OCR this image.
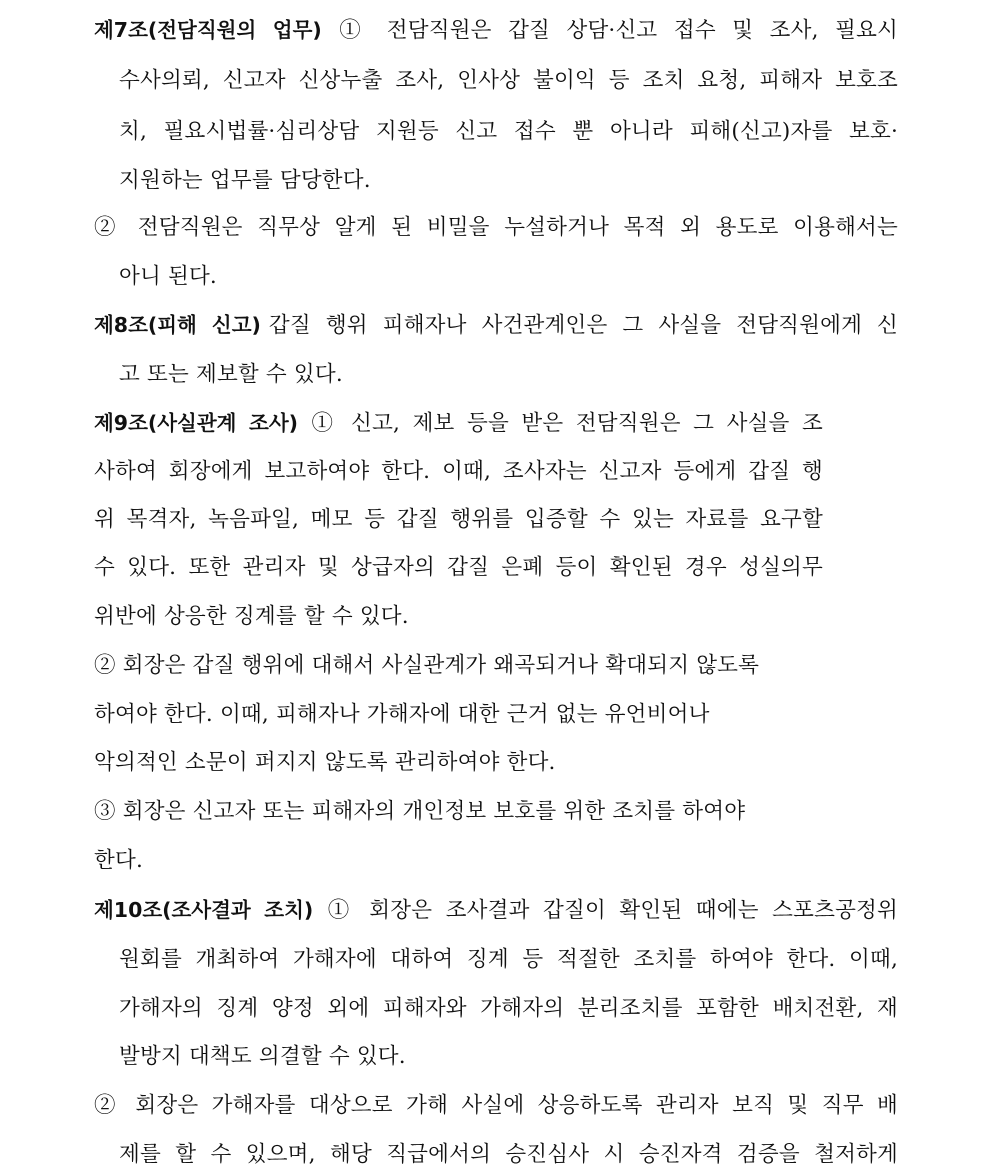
제7조(전담직원의 업무) ① 전담직원은 갑질 상담·신고 접수 및 조사, 필요시
수사의뢰, 신고자 신상누출 조사, 인사상 불이익 등 조치 요청, 피해자 보호조
치, 필요시법률·심리상담 지원등 신고 접수 뿐 아니라 피해(신고)자를 보호·
지원하는 업무를 담당한다.
② 전담직원은 직무상 알게 된 비밀을 누설하거나 목적 외 용도로 이용해서는
아니 된다.
제8조(피해 신고) 갑질 행위 피해자나 사건관계인은 그 사실을 전담직원에게 신
고 또는 제보할 수 있다.
제9조(사실관계 조사) ① 신고, 제보 등을 받은 전담직원은 그 사실을 조
사하여 회장에게 보고하여야 한다. 이때, 조사자는 신고자 등에게 갑질 행
위 목격자, 녹음파일, 메모 등 갑질 행위를 입증할 수 있는 자료를 요구할
수 있다. 또한 관리자 및 상급자의 갑질 은폐 등이 확인된 경우 성실의무
위반에 상응한 징계를 할 수 있다.
② 회장은 갑질 행위에 대해서 사실관계가 왜곡되거나 확대되지 않도록
하여야 한다. 이때, 피해자나 가해자에 대한 근거 없는 유언비어나
악의적인 소문이 퍼지지 않도록 관리하여야 한다.
③ 회장은 신고자 또는 피해자의 개인정보 보호를 위한 조치를 하여야
한다.
제10조(조사결과 조치) ① 회장은 조사결과 갑질이 확인된 때에는 스포츠공정위
원회를 개최하여 가해자에 대하여 징계 등 적절한 조치를 하여야 한다. 이때,
가해자의 징계 양정 외에 피해자와 가해자의 분리조치를 포함한 배치전환, 재
발방지 대책도 의결할 수 있다.
② 회장은 가해자를 대상으로 가해 사실에 상응하도록 관리자 보직 및 직무 배
제를 할 수 있으며, 해당 직급에서의 승진심사 시 승진자격 검증을 철저하게
